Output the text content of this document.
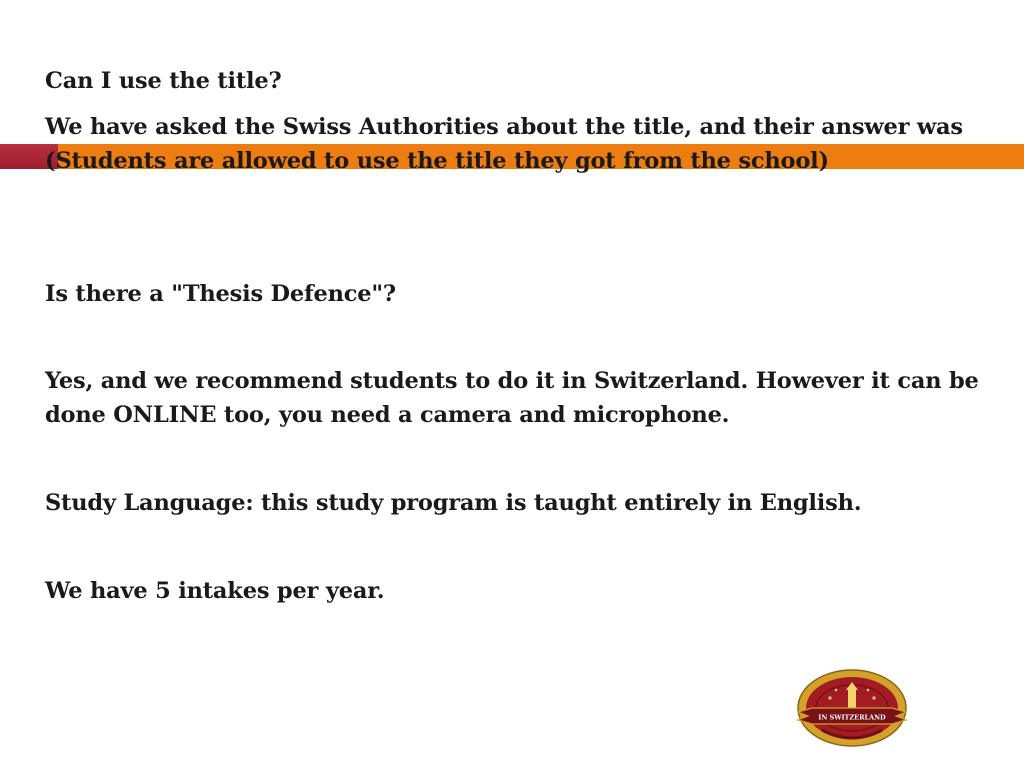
Can I use the title?

We have asked the Swiss Authorities about the title, and their answer was (Students are allowed to use the title they got from the school)

Is there a "Thesis Defence"?

Yes, and we recommend students to do it in Switzerland. However it can be done ONLINE too, you need a camera and microphone.

Study Language: this study program is taught entirely in English.

We have 5 intakes per year.

IN SWITZERLAND
